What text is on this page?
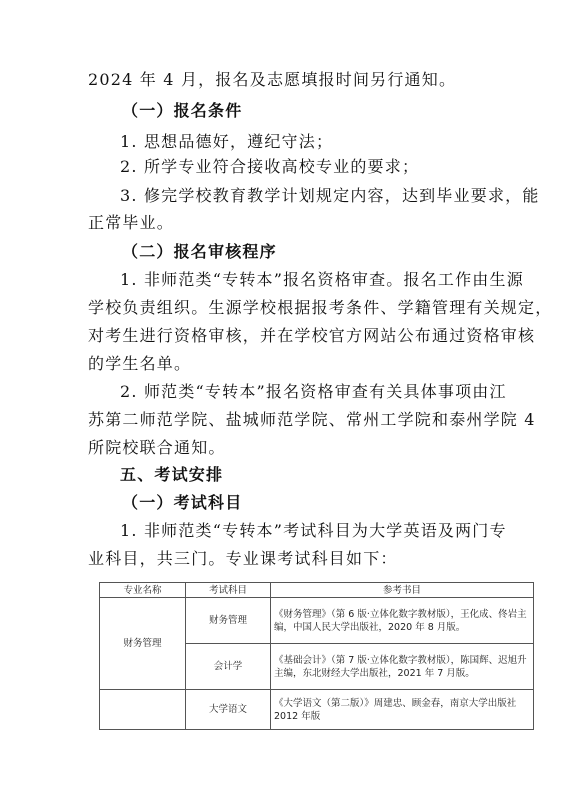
2024 年 4 月，报名及志愿填报时间另行通知。
（一）报名条件
1. 思想品德好，遵纪守法；
2. 所学专业符合接收高校专业的要求；
3. 修完学校教育教学计划规定内容，达到毕业要求，能
正常毕业。
（二）报名审核程序
1. 非师范类“专转本”报名资格审查。报名工作由生源
学校负责组织。生源学校根据报考条件、学籍管理有关规定，
对考生进行资格审核，并在学校官方网站公布通过资格审核
的学生名单。
2. 师范类“专转本”报名资格审查有关具体事项由江
苏第二师范学院、盐城师范学院、常州工学院和泰州学院 4
所院校联合通知。
五、考试安排
（一）考试科目
1. 非师范类“专转本”考试科目为大学英语及两门专
业科目，共三门。专业课考试科目如下：
专业名称	考试科目	参考书目
财务管理	财务管理	《财务管理》（第 6 版·立体化数字教材版），王化成、佟岩主编，中国人民大学出版社，2020 年 8 月版。
	会计学	《基础会计》（第 7 版·立体化数字教材版），陈国辉、迟旭升主编，东北财经大学出版社，2021 年 7 月版。
	大学语文	《大学语文（第二版）》周建忠、顾金春，南京大学出版社 2012 年版
